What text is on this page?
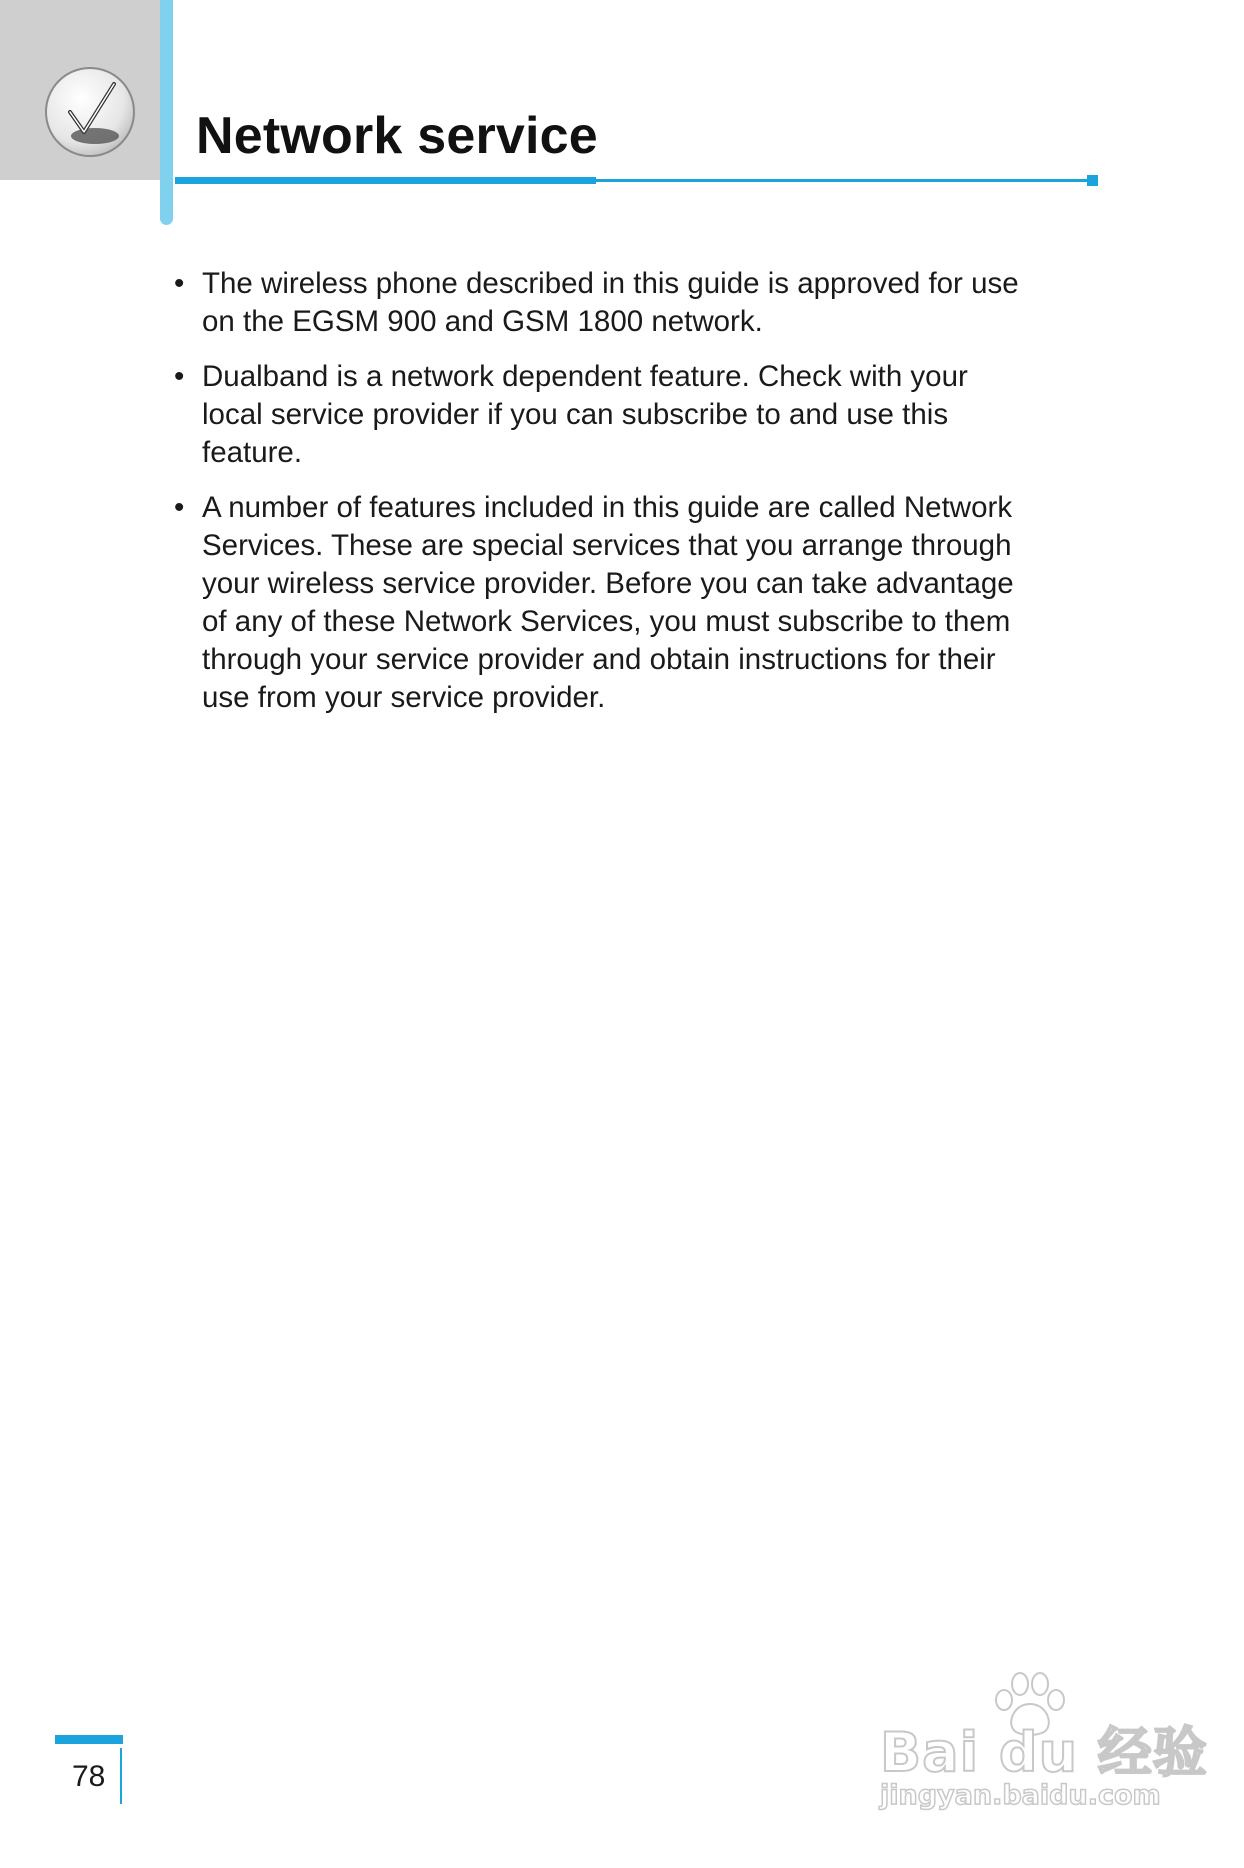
Network service
• The wireless phone described in this guide is approved for use
on the EGSM 900 and GSM 1800 network.
• Dualband is a network dependent feature. Check with your
local service provider if you can subscribe to and use this
feature.
• A number of features included in this guide are called Network
Services. These are special services that you arrange through
your wireless service provider. Before you can take advantage
of any of these Network Services, you must subscribe to them
through your service provider and obtain instructions for their
use from your service provider.
78	Bai du 经验
jingyan.baidu.com
